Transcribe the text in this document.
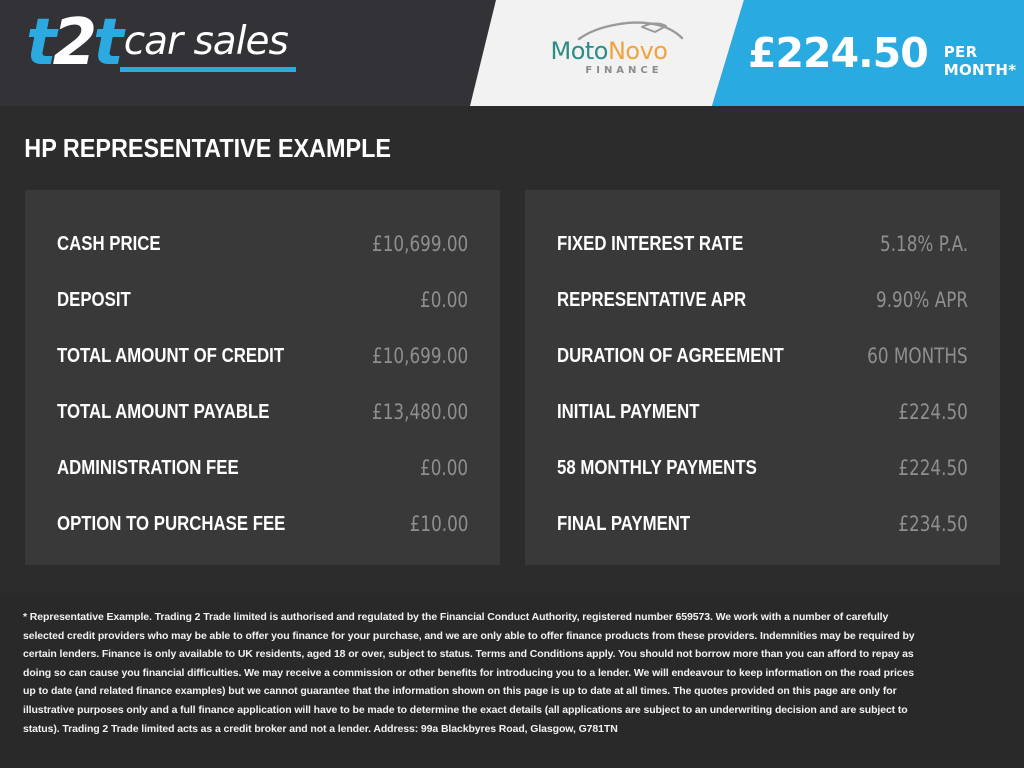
t2t car sales	MotoNovo
FINANCE	£224.50 PER MONTH*
HP REPRESENTATIVE EXAMPLE
CASH PRICE	£10,699.00
DEPOSIT	£0.00
TOTAL AMOUNT OF CREDIT	£10,699.00
TOTAL AMOUNT PAYABLE	£13,480.00
ADMINISTRATION FEE	£0.00
OPTION TO PURCHASE FEE	£10.00
FIXED INTEREST RATE	5.18% P.A.
REPRESENTATIVE APR	9.90% APR
DURATION OF AGREEMENT	60 MONTHS
INITIAL PAYMENT	£224.50
58 MONTHLY PAYMENTS	£224.50
FINAL PAYMENT	£234.50

* Representative Example. Trading 2 Trade limited is authorised and regulated by the Financial Conduct Authority, registered number 659573. We work with a number of carefully selected credit providers who may be able to offer you finance for your purchase, and we are only able to offer finance products from these providers. Indemnities may be required by certain lenders. Finance is only available to UK residents, aged 18 or over, subject to status. Terms and Conditions apply. You should not borrow more than you can afford to repay as doing so can cause you financial difficulties. We may receive a commission or other benefits for introducing you to a lender. We will endeavour to keep information on the road prices up to date (and related finance examples) but we cannot guarantee that the information shown on this page is up to date at all times. The quotes provided on this page are only for illustrative purposes only and a full finance application will have to be made to determine the exact details (all applications are subject to an underwriting decision and are subject to status). Trading 2 Trade limited acts as a credit broker and not a lender. Address: 99a Blackbyres Road, Glasgow, G781TN
